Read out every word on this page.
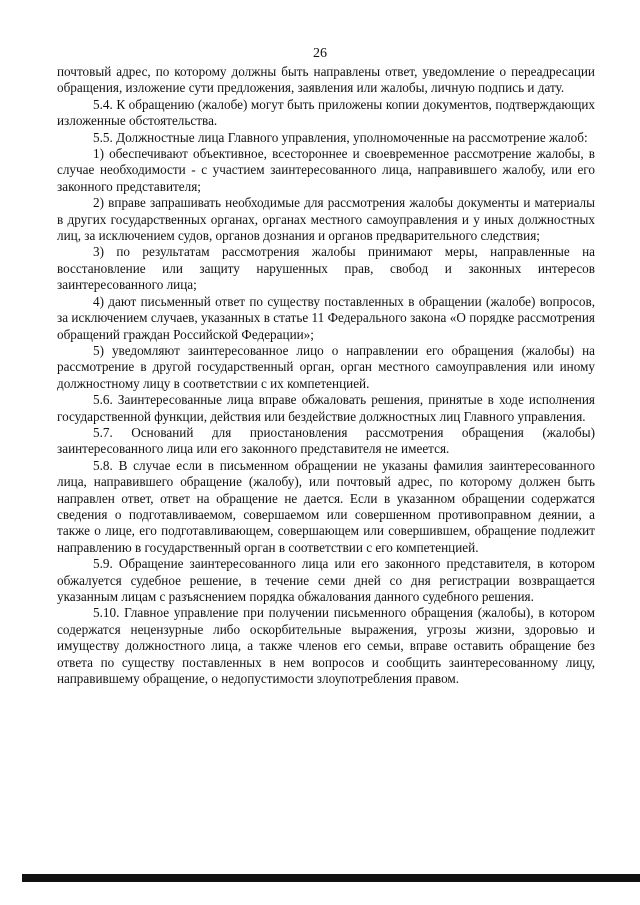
26

почтовый адрес, по которому должны быть направлены ответ, уведомление о переадресации обращения, изложение сути предложения, заявления или жалобы, личную подпись и дату.

5.4. К обращению (жалобе) могут быть приложены копии документов, подтверждающих изложенные обстоятельства.

5.5. Должностные лица Главного управления, уполномоченные на рассмотрение жалоб:

1) обеспечивают объективное, всестороннее и своевременное рассмотрение жалобы, в случае необходимости - с участием заинтересованного лица, направившего жалобу, или его законного представителя;

2) вправе запрашивать необходимые для рассмотрения жалобы документы и материалы в других государственных органах, органах местного самоуправления и у иных должностных лиц, за исключением судов, органов дознания и органов предварительного следствия;

3) по результатам рассмотрения жалобы принимают меры, направленные на восстановление или защиту нарушенных прав, свобод и законных интересов заинтересованного лица;

4) дают письменный ответ по существу поставленных в обращении (жалобе) вопросов, за исключением случаев, указанных в статье 11 Федерального закона «О порядке рассмотрения обращений граждан Российской Федерации»;

5) уведомляют заинтересованное лицо о направлении его обращения (жалобы) на рассмотрение в другой государственный орган, орган местного самоуправления или иному должностному лицу в соответствии с их компетенцией.

5.6. Заинтересованные лица вправе обжаловать решения, принятые в ходе исполнения государственной функции, действия или бездействие должностных лиц Главного управления.

5.7. Оснований для приостановления рассмотрения обращения (жалобы) заинтересованного лица или его законного представителя не имеется.

5.8. В случае если в письменном обращении не указаны фамилия заинтересованного лица, направившего обращение (жалобу), или почтовый адрес, по которому должен быть направлен ответ, ответ на обращение не дается. Если в указанном обращении содержатся сведения о подготавливаемом, совершаемом или совершенном противоправном деянии, а также о лице, его подготавливающем, совершающем или совершившем, обращение подлежит направлению в государственный орган в соответствии с его компетенцией.

5.9. Обращение заинтересованного лица или его законного представителя, в котором обжалуется судебное решение, в течение семи дней со дня регистрации возвращается указанным лицам с разъяснением порядка обжалования данного судебного решения.

5.10. Главное управление при получении письменного обращения (жалобы), в котором содержатся нецензурные либо оскорбительные выражения, угрозы жизни, здоровью и имуществу должностного лица, а также членов его семьи, вправе оставить обращение без ответа по существу поставленных в нем вопросов и сообщить заинтересованному лицу, направившему обращение, о недопустимости злоупотребления правом.
